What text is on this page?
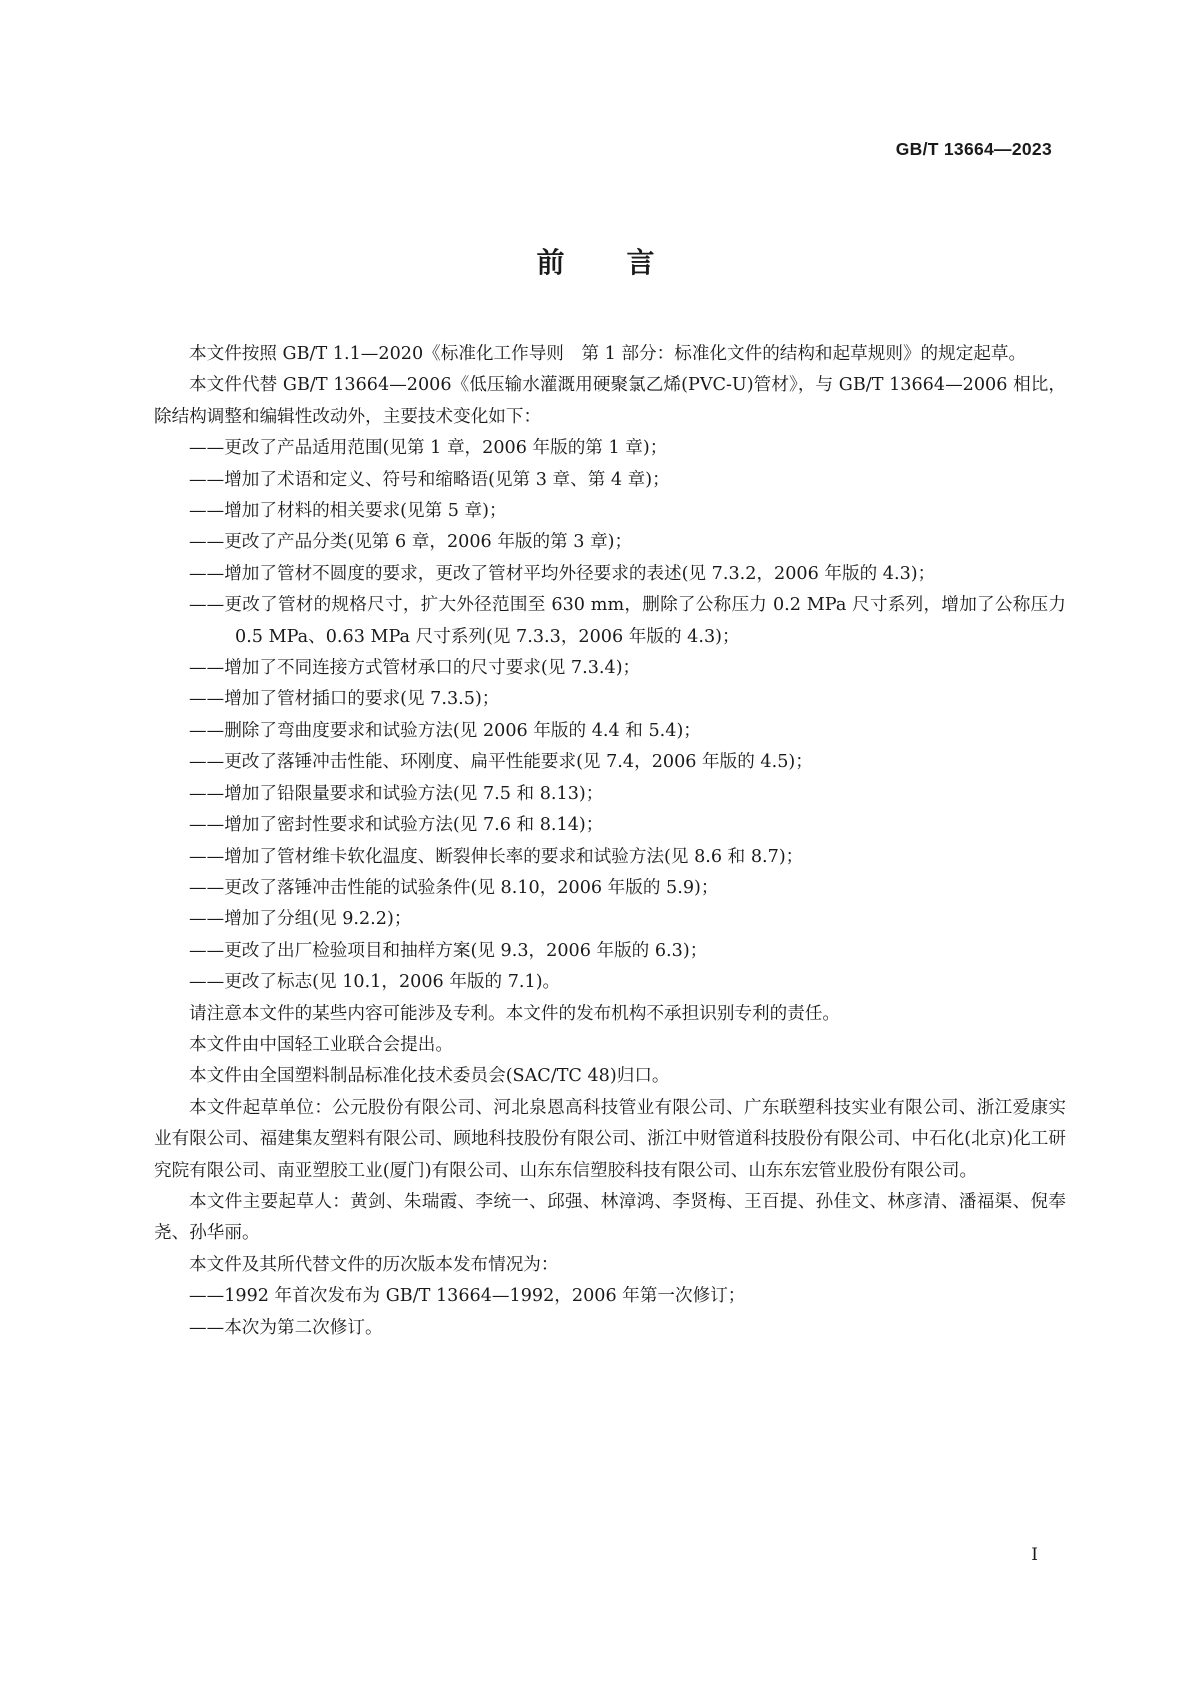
GB/T 13664—2023
前言

本文件按照 GB/T 1.1—2020《标准化工作导则　第 1 部分：标准化文件的结构和起草规则》的规定起草。

本文件代替 GB/T 13664—2006《低压输水灌溉用硬聚氯乙烯(PVC-U)管材》，与 GB/T 13664—2006 相比，除结构调整和编辑性改动外，主要技术变化如下：

——更改了产品适用范围(见第 1 章，2006 年版的第 1 章)；

——增加了术语和定义、符号和缩略语(见第 3 章、第 4 章)；

——增加了材料的相关要求(见第 5 章)；

——更改了产品分类(见第 6 章，2006 年版的第 3 章)；

——增加了管材不圆度的要求，更改了管材平均外径要求的表述(见 7.3.2，2006 年版的 4.3)；

——更改了管材的规格尺寸，扩大外径范围至 630 mm，删除了公称压力 0.2 MPa 尺寸系列，增加了公称压力 0.5 MPa、0.63 MPa 尺寸系列(见 7.3.3，2006 年版的 4.3)；

——增加了不同连接方式管材承口的尺寸要求(见 7.3.4)；

——增加了管材插口的要求(见 7.3.5)；

——删除了弯曲度要求和试验方法(见 2006 年版的 4.4 和 5.4)；

——更改了落锤冲击性能、环刚度、扁平性能要求(见 7.4，2006 年版的 4.5)；

——增加了铅限量要求和试验方法(见 7.5 和 8.13)；

——增加了密封性要求和试验方法(见 7.6 和 8.14)；

——增加了管材维卡软化温度、断裂伸长率的要求和试验方法(见 8.6 和 8.7)；

——更改了落锤冲击性能的试验条件(见 8.10，2006 年版的 5.9)；

——增加了分组(见 9.2.2)；

——更改了出厂检验项目和抽样方案(见 9.3，2006 年版的 6.3)；

——更改了标志(见 10.1，2006 年版的 7.1)。

请注意本文件的某些内容可能涉及专利。本文件的发布机构不承担识别专利的责任。

本文件由中国轻工业联合会提出。

本文件由全国塑料制品标准化技术委员会(SAC/TC 48)归口。

本文件起草单位：公元股份有限公司、河北泉恩高科技管业有限公司、广东联塑科技实业有限公司、浙江爱康实业有限公司、福建集友塑料有限公司、顾地科技股份有限公司、浙江中财管道科技股份有限公司、中石化(北京)化工研究院有限公司、南亚塑胶工业(厦门)有限公司、山东东信塑胶科技有限公司、山东东宏管业股份有限公司。

本文件主要起草人：黄剑、朱瑞霞、李统一、邱强、林漳鸿、李贤梅、王百提、孙佳文、林彦清、潘福渠、倪奉尧、孙华丽。

本文件及其所代替文件的历次版本发布情况为：

——1992 年首次发布为 GB/T 13664—1992，2006 年第一次修订；

——本次为第二次修订。

I
